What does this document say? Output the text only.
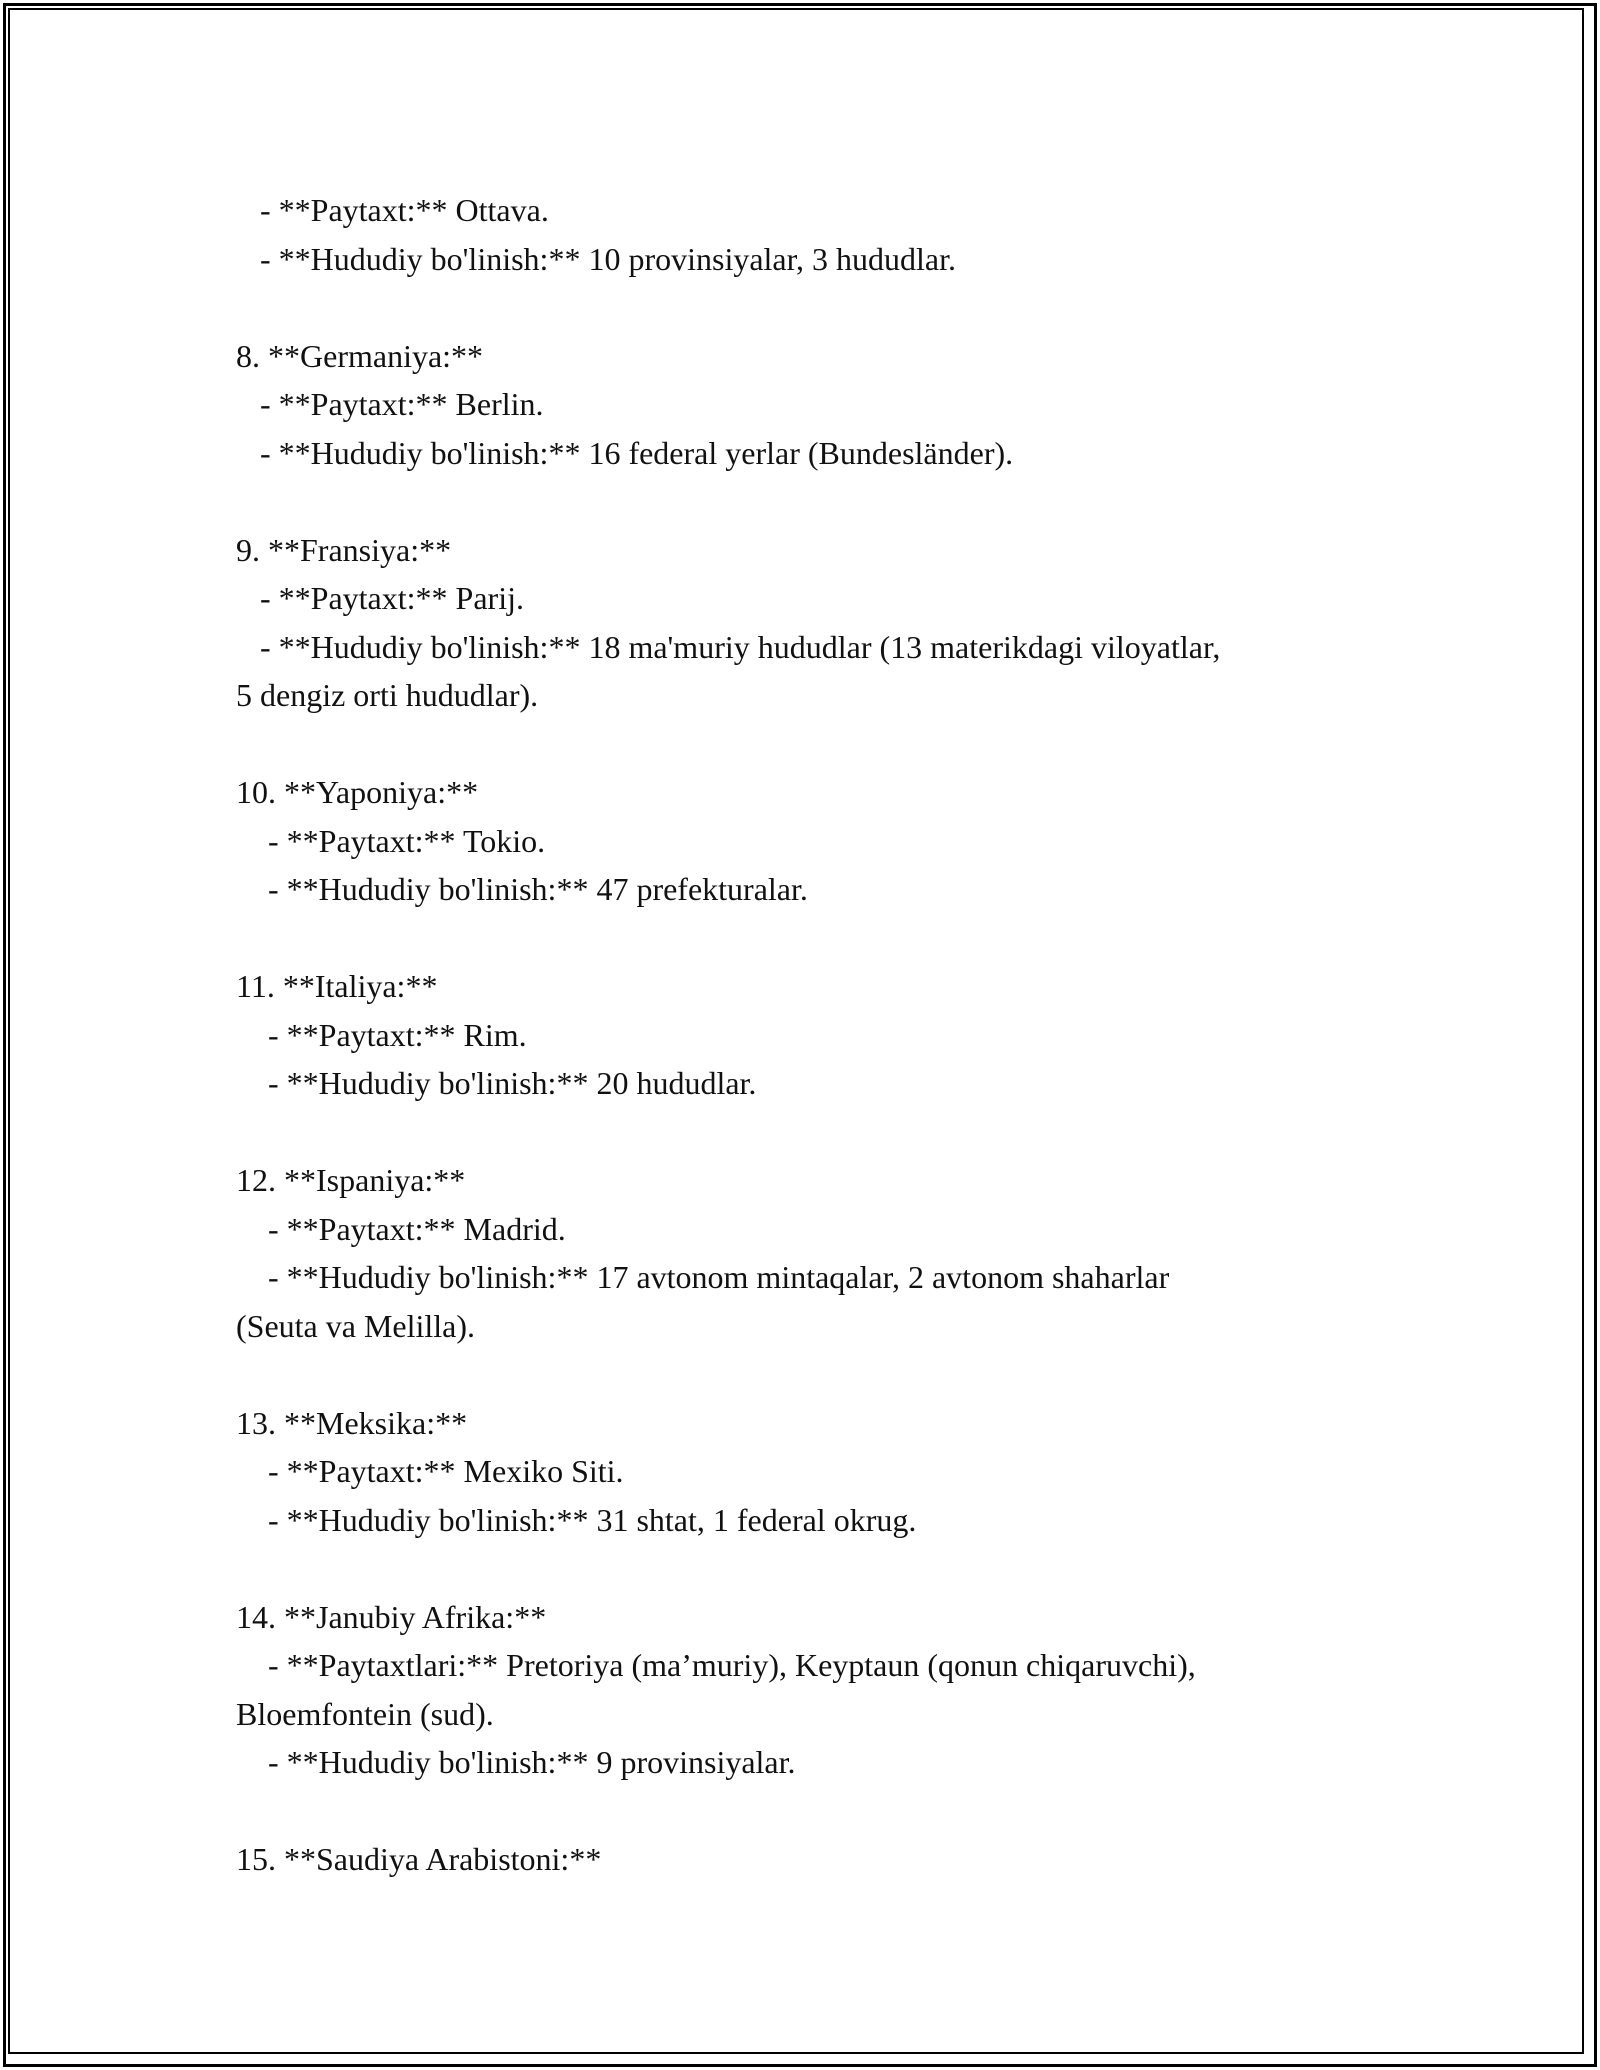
- **Paytaxt:** Ottava.
- **Hududiy bo'linish:** 10 provinsiyalar, 3 hududlar.
8. **Germaniya:**
- **Paytaxt:** Berlin.
- **Hududiy bo'linish:** 16 federal yerlar (Bundesländer).
9. **Fransiya:**
- **Paytaxt:** Parij.
- **Hududiy bo'linish:** 18 ma'muriy hududlar (13 materikdagi viloyatlar,
5 dengiz orti hududlar).
10. **Yaponiya:**
- **Paytaxt:** Tokio.
- **Hududiy bo'linish:** 47 prefekturalar.
11. **Italiya:**
- **Paytaxt:** Rim.
- **Hududiy bo'linish:** 20 hududlar.
12. **Ispaniya:**
- **Paytaxt:** Madrid.
- **Hududiy bo'linish:** 17 avtonom mintaqalar, 2 avtonom shaharlar
(Seuta va Melilla).
13. **Meksika:**
- **Paytaxt:** Mexiko Siti.
- **Hududiy bo'linish:** 31 shtat, 1 federal okrug.
14. **Janubiy Afrika:**
- **Paytaxtlari:** Pretoriya (ma’muriy), Keyptaun (qonun chiqaruvchi),
Bloemfontein (sud).
- **Hududiy bo'linish:** 9 provinsiyalar.
15. **Saudiya Arabistoni:**
